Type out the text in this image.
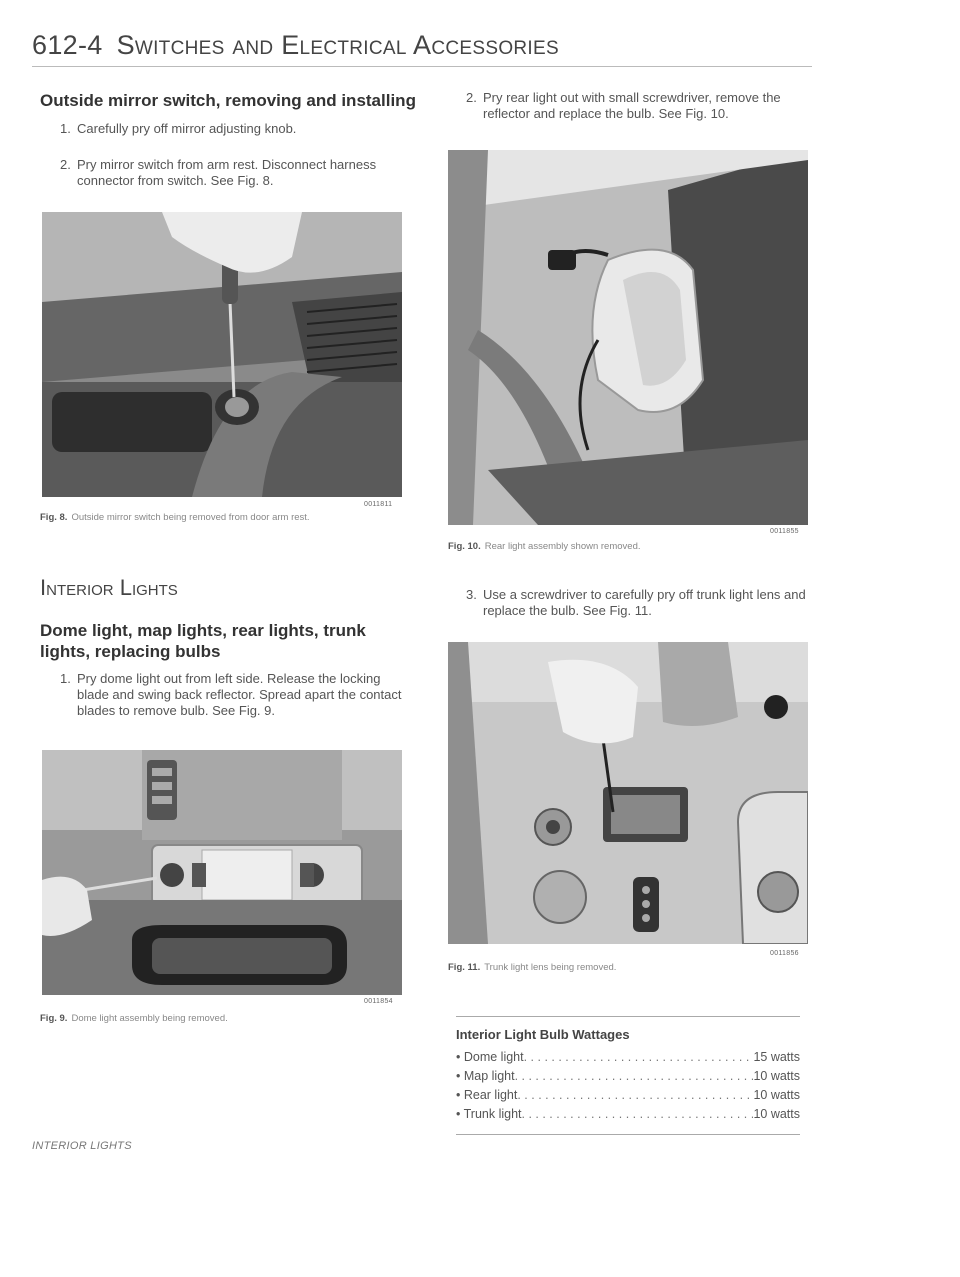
612-4 Switches and Electrical Accessories
Outside mirror switch, removing and installing
1. Carefully pry off mirror adjusting knob.
2. Pry mirror switch from arm rest. Disconnect harness connector from switch. See Fig. 8.
0011811
Fig. 8. Outside mirror switch being removed from door arm rest.
Interior Lights
Dome light, map lights, rear lights, trunk lights, replacing bulbs
1. Pry dome light out from left side. Release the locking blade and swing back reflector. Spread apart the contact blades to remove bulb. See Fig. 9.
0011854
Fig. 9. Dome light assembly being removed.
2. Pry rear light out with small screwdriver, remove the reflector and replace the bulb. See Fig. 10.
0011855
Fig. 10. Rear light assembly shown removed.
3. Use a screwdriver to carefully pry off trunk light lens and replace the bulb. See Fig. 11.
0011856
Fig. 11. Trunk light lens being removed.
Interior Light Bulb Wattages
• Dome light . . .	15 watts
• Map light . . .	10 watts
• Rear light . . .	10 watts
• Trunk light . . .	10 watts
INTERIOR LIGHTS
